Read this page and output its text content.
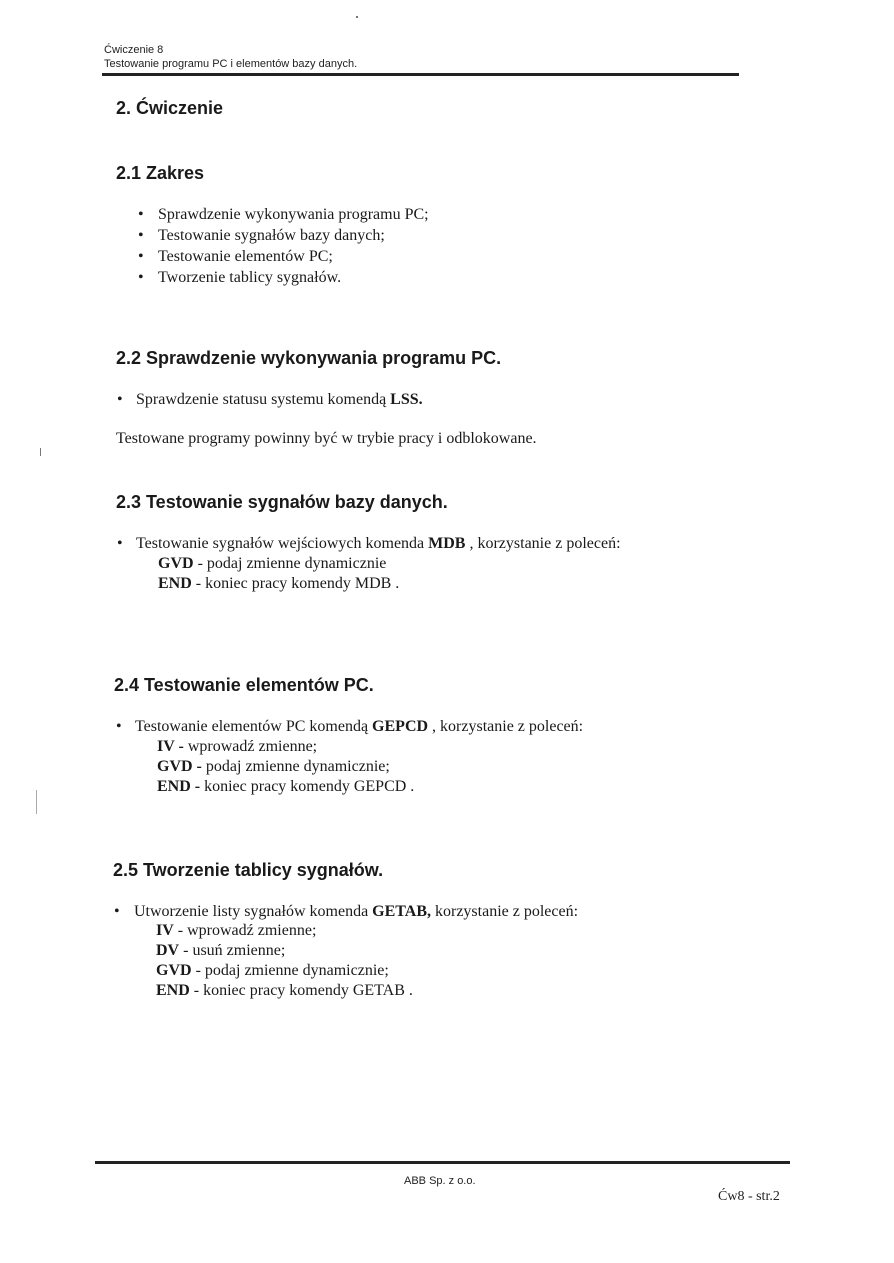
Ćwiczenie 8
Testowanie programu PC i elementów bazy danych.
2. Ćwiczenie
2.1 Zakres
• Sprawdzenie wykonywania programu PC;
• Testowanie sygnałów bazy danych;
• Testowanie elementów PC;
• Tworzenie tablicy sygnałów.
2.2 Sprawdzenie wykonywania programu PC.
• Sprawdzenie statusu systemu komendą LSS.
Testowane programy powinny być w trybie pracy i odblokowane.
2.3 Testowanie sygnałów bazy danych.
• Testowanie sygnałów wejściowych komenda MDB , korzystanie z poleceń:
GVD - podaj zmienne dynamicznie
END - koniec pracy komendy MDB .
2.4 Testowanie elementów PC.
• Testowanie elementów PC komendą GEPCD , korzystanie z poleceń:
IV - wprowadź zmienne;
GVD - podaj zmienne dynamicznie;
END - koniec pracy komendy GEPCD .
2.5 Tworzenie tablicy sygnałów.
• Utworzenie listy sygnałów komenda GETAB, korzystanie z poleceń:
IV - wprowadź zmienne;
DV - usuń zmienne;
GVD - podaj zmienne dynamicznie;
END - koniec pracy komendy GETAB .
ABB Sp. z o.o.
Ćw8 - str.2
